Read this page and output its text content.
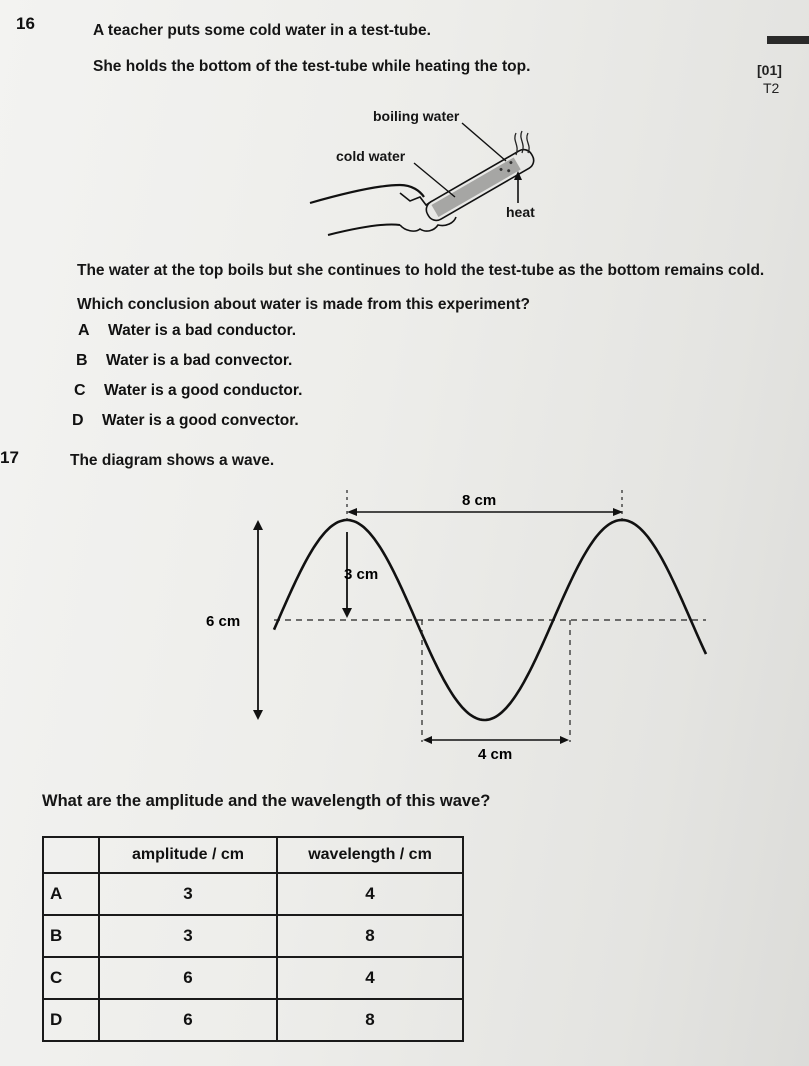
16	A teacher puts some cold water in a test-tube.
She holds the bottom of the test-tube while heating the top.	[01]
T2
boiling water
cold water
heat
The water at the top boils but she continues to hold the test-tube as the bottom remains cold.
Which conclusion about water is made from this experiment?
A Water is a bad conductor.
B Water is a bad convector.
C Water is a good conductor.
D Water is a good convector.
17	The diagram shows a wave.
8 cm
3 cm
6 cm
4 cm
What are the amplitude and the wavelength of this wave?
	amplitude / cm	wavelength / cm
A	3	4
B	3	8
C	6	4
D	6	8
